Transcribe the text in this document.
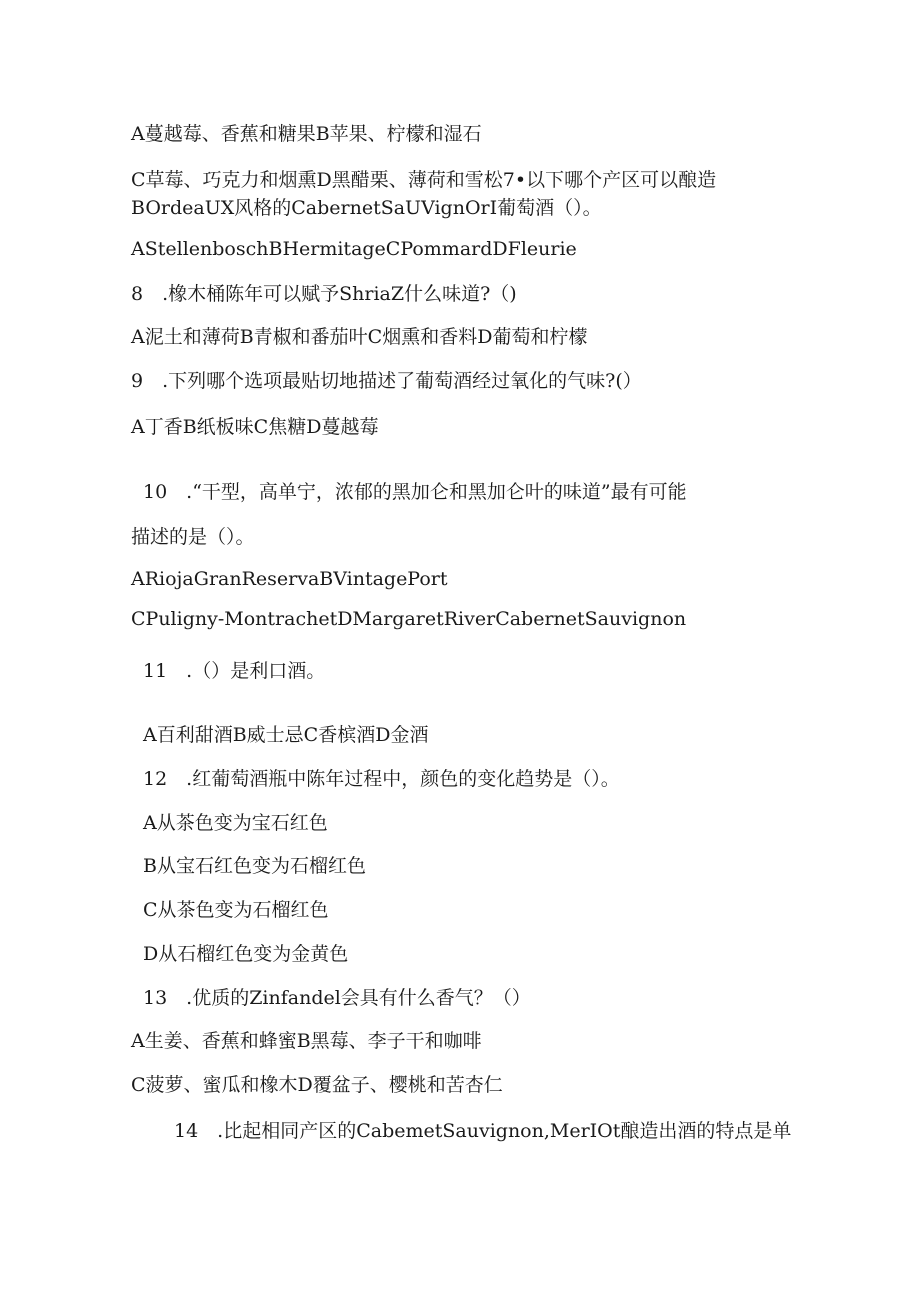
A蔓越莓、香蕉和糖果B苹果、柠檬和湿石
C草莓、巧克力和烟熏D黑醋栗、薄荷和雪松7•以下哪个产区可以酿造
BOrdeaUX风格的CabernetSaUVignOrI葡萄酒（）。
AStellenboschBHermitageCPommardDFleurie
8　.橡木桶陈年可以赋予ShriaZ什么味道?（)
A泥土和薄荷B青椒和番茄叶C烟熏和香料D葡萄和柠檬
9　.下列哪个选项最贴切地描述了葡萄酒经过氧化的气味?(）
A丁香B纸板味C焦糖D蔓越莓
10　.“干型，高单宁，浓郁的黑加仑和黑加仑叶的味道”最有可能
描述的是（）。
ARiojaGranReservaBVintagePort
CPuligny-MontrachetDMargaretRiverCabernetSauvignon
11　.（）是利口酒。
A百利甜酒B威士忌C香槟酒D金酒
12　.红葡萄酒瓶中陈年过程中，颜色的变化趋势是（）。
A从茶色变为宝石红色
B从宝石红色变为石榴红色
C从茶色变为石榴红色
D从石榴红色变为金黄色
13　.优质的Zinfandel会具有什么香气？（）
A生姜、香蕉和蜂蜜B黑莓、李子干和咖啡
C菠萝、蜜瓜和橡木D覆盆子、樱桃和苦杏仁
14　.比起相同产区的CabemetSauvignon,MerIOt酿造出酒的特点是单
